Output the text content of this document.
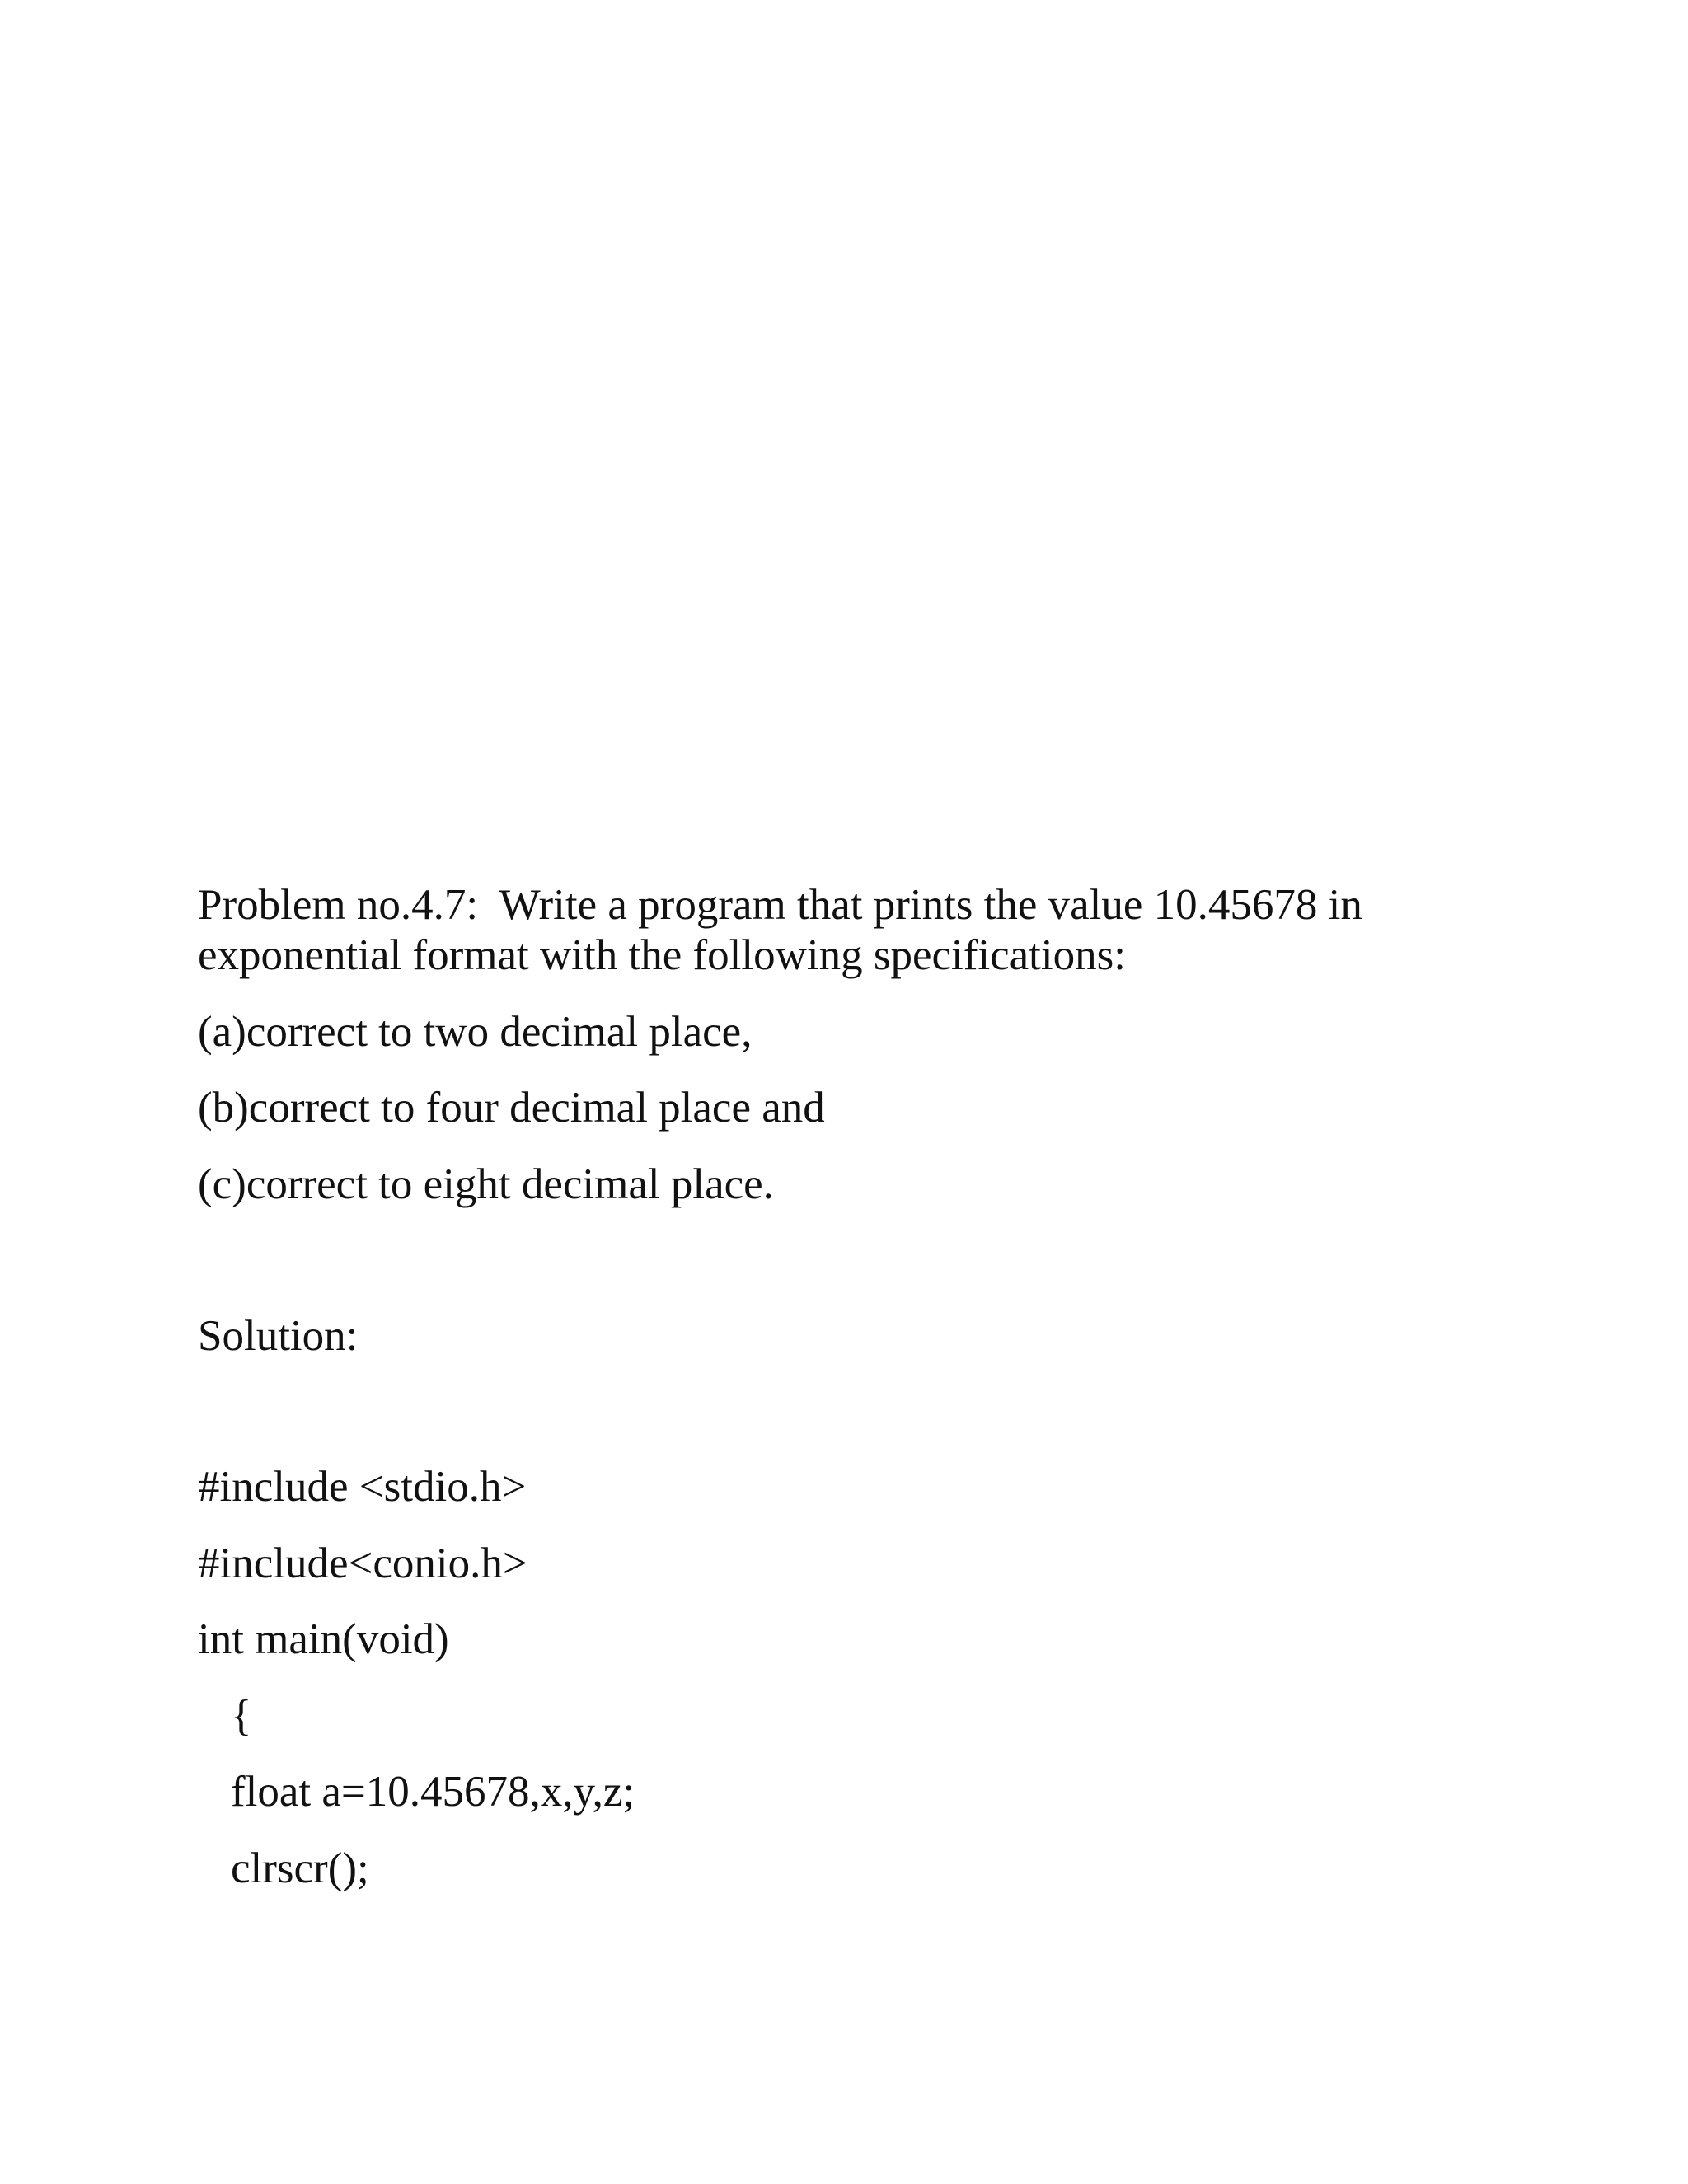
Problem no.4.7:  Write a program that prints the value 10.45678 in

exponential format with the following specifications:

(a)correct to two decimal place,

(b)correct to four decimal place and

(c)correct to eight decimal place.

Solution:

#include <stdio.h>

#include<conio.h>

int main(void)

{

float a=10.45678,x,y,z;

clrscr();
